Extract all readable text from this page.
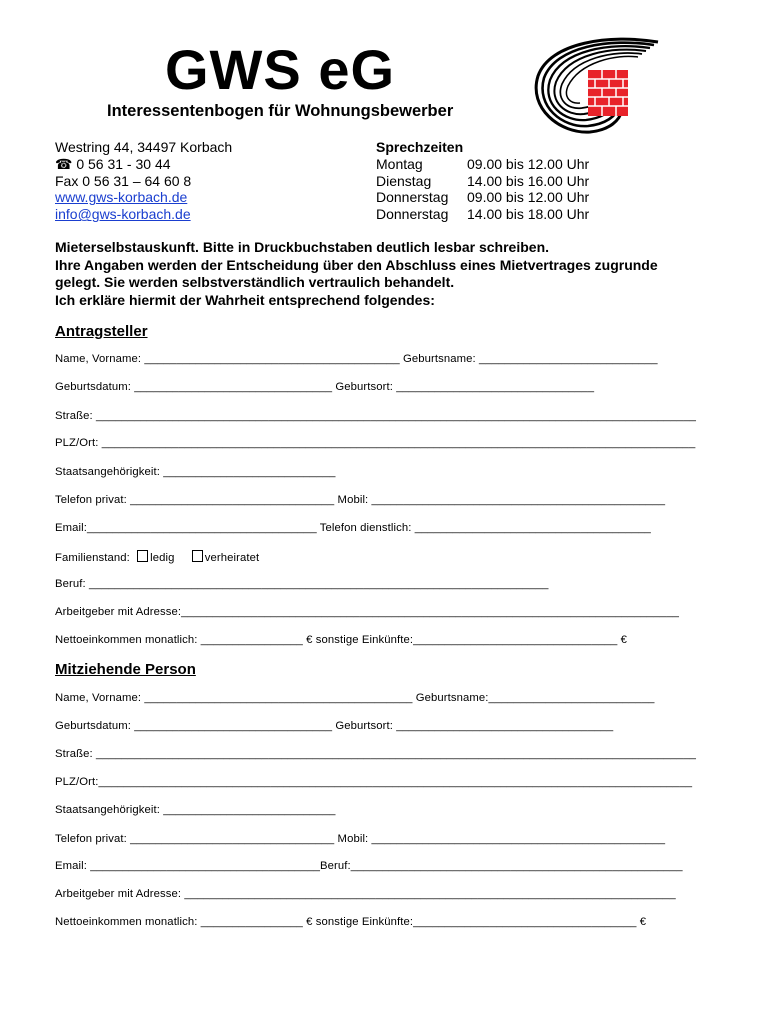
GWS eG
Interessentenbogen für Wohnungsbewerber
Westring 44, 34497 Korbach
☎ 0 56 31 - 30 44
Fax 0 56 31 – 64 60 8
www.gws-korbach.de
info@gws-korbach.de
Sprechzeiten
Montag	09.00 bis 12.00 Uhr
Dienstag	14.00 bis 16.00 Uhr
Donnerstag 09.00 bis 12.00 Uhr
Donnerstag 14.00 bis 18.00 Uhr
Mieterselbstauskunft. Bitte in Druckbuchstaben deutlich lesbar schreiben.
Ihre Angaben werden der Entscheidung über den Abschluss eines Mietvertrages zugrunde
gelegt. Sie werden selbstverständlich vertraulich behandelt.
Ich erkläre hiermit der Wahrheit entsprechend folgendes:
Antragsteller
Name, Vorname: ________________________________________ Geburtsname: ____________________________
Geburtsdatum: _______________________________ Geburtsort: _______________________________
Straße: ______________________________________________________________________________________________
PLZ/Ort: _____________________________________________________________________________________________
Staatsangehörigkeit: ___________________________
Telefon privat: ________________________________ Mobil: ______________________________________________
Email:____________________________________ Telefon dienstlich: _____________________________________
Familienstand: ledig	verheiratet
Beruf: ________________________________________________________________________
Arbeitgeber mit Adresse:______________________________________________________________________________
Nettoeinkommen monatlich: ________________ € sonstige Einkünfte:________________________________ €
Mitziehende Person
Name, Vorname: __________________________________________ Geburtsname:__________________________
Geburtsdatum: _______________________________ Geburtsort: __________________________________
Straße: ______________________________________________________________________________________________
PLZ/Ort:_____________________________________________________________________________________________
Staatsangehörigkeit: ___________________________
Telefon privat: ________________________________ Mobil: ______________________________________________
Email: ____________________________________Beruf:____________________________________________________
Arbeitgeber mit Adresse: _____________________________________________________________________________
Nettoeinkommen monatlich: ________________ € sonstige Einkünfte:___________________________________ €
